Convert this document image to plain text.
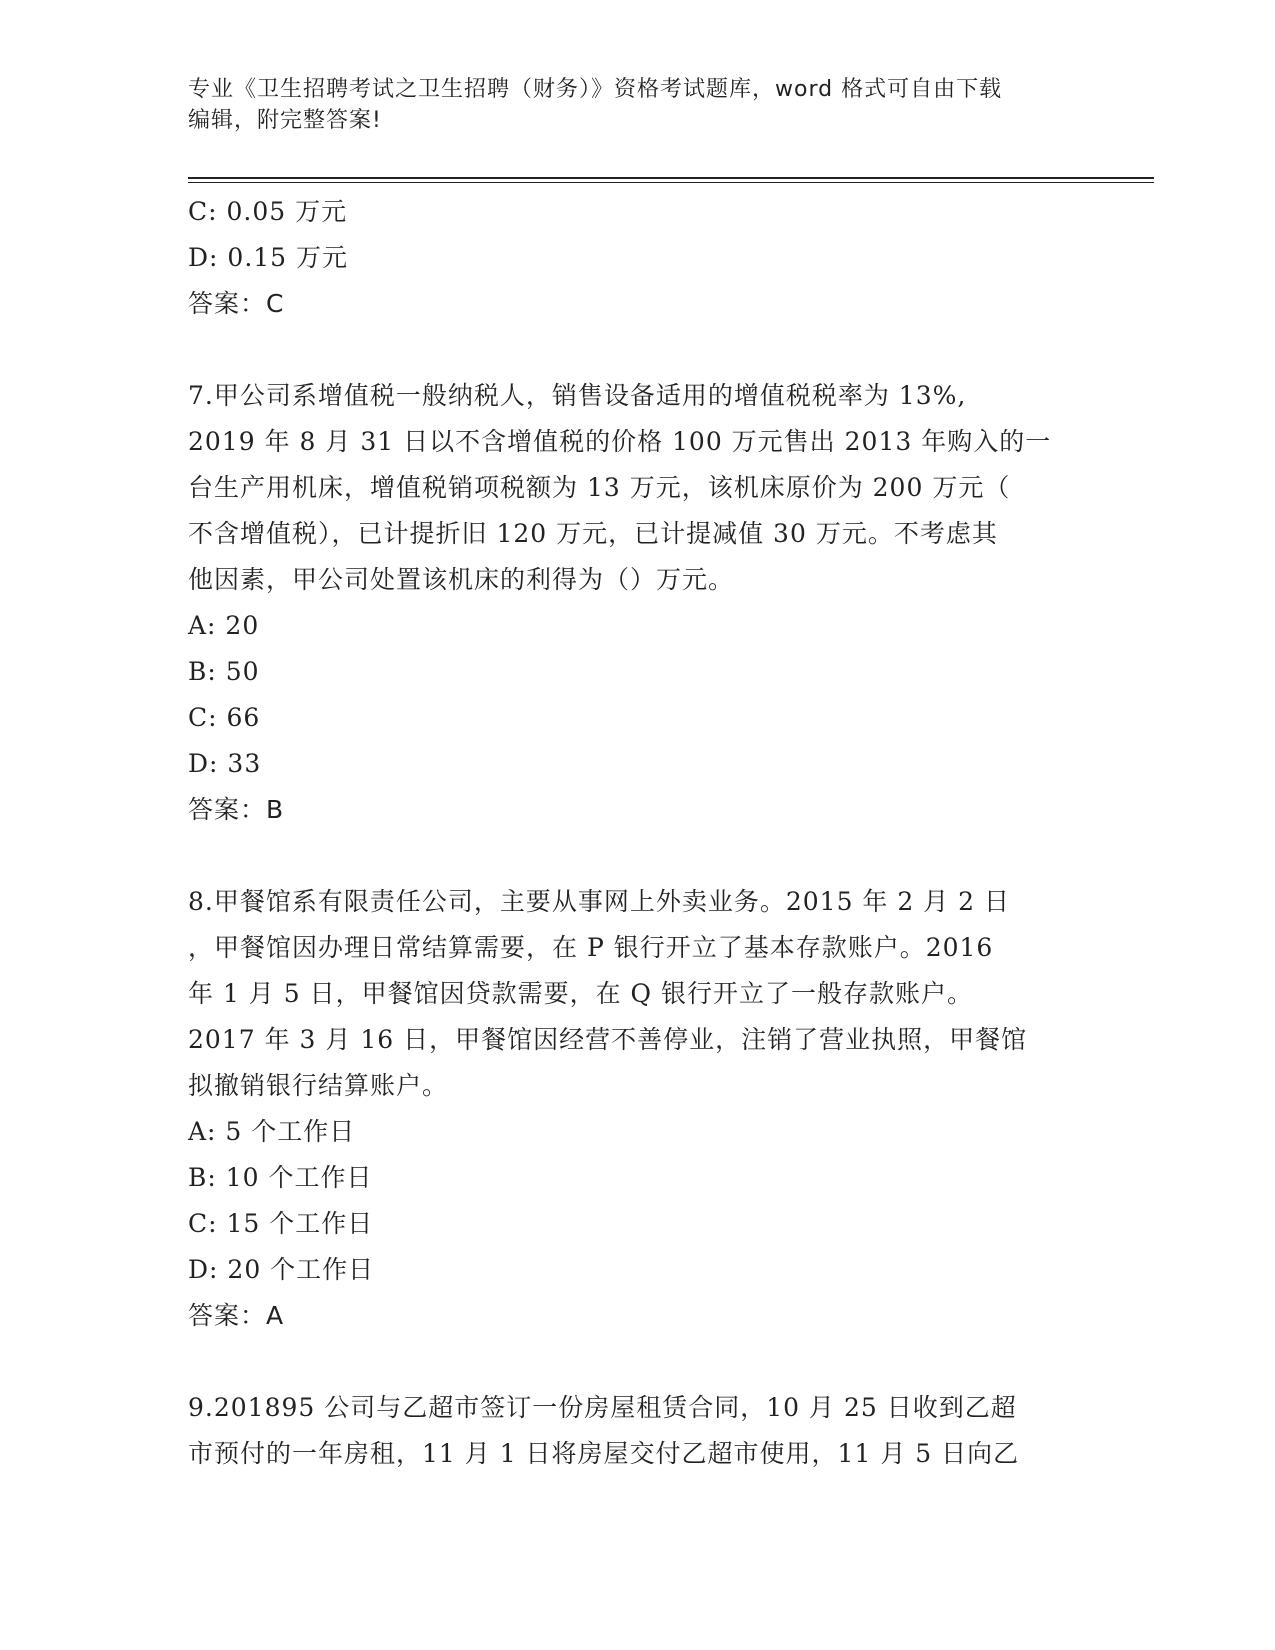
专业《卫生招聘考试之卫生招聘（财务）》资格考试题库，word 格式可自由下载
编辑，附完整答案!
C: 0.05 万元
D: 0.15 万元
答案：C
7.甲公司系增值税一般纳税人，销售设备适用的增值税税率为 13%,
2019 年 8 月 31 日以不含增值税的价格 100 万元售出 2013 年购入的一
台生产用机床，增值税销项税额为 13 万元，该机床原价为 200 万元（
不含增值税），已计提折旧 120 万元，已计提减值 30 万元。不考虑其
他因素，甲公司处置该机床的利得为（）万元。
A: 20
B: 50
C: 66
D: 33
答案：B
8.甲餐馆系有限责任公司，主要从事网上外卖业务。2015 年 2 月 2 日
，甲餐馆因办理日常结算需要，在 P 银行开立了基本存款账户。2016
年 1 月 5 日，甲餐馆因贷款需要，在 Q 银行开立了一般存款账户。
2017 年 3 月 16 日，甲餐馆因经营不善停业，注销了营业执照，甲餐馆
拟撤销银行结算账户。
A: 5 个工作日
B: 10 个工作日
C: 15 个工作日
D: 20 个工作日
答案：A
9.201895 公司与乙超市签订一份房屋租赁合同，10 月 25 日收到乙超
市预付的一年房租，11 月 1 日将房屋交付乙超市使用，11 月 5 日向乙
